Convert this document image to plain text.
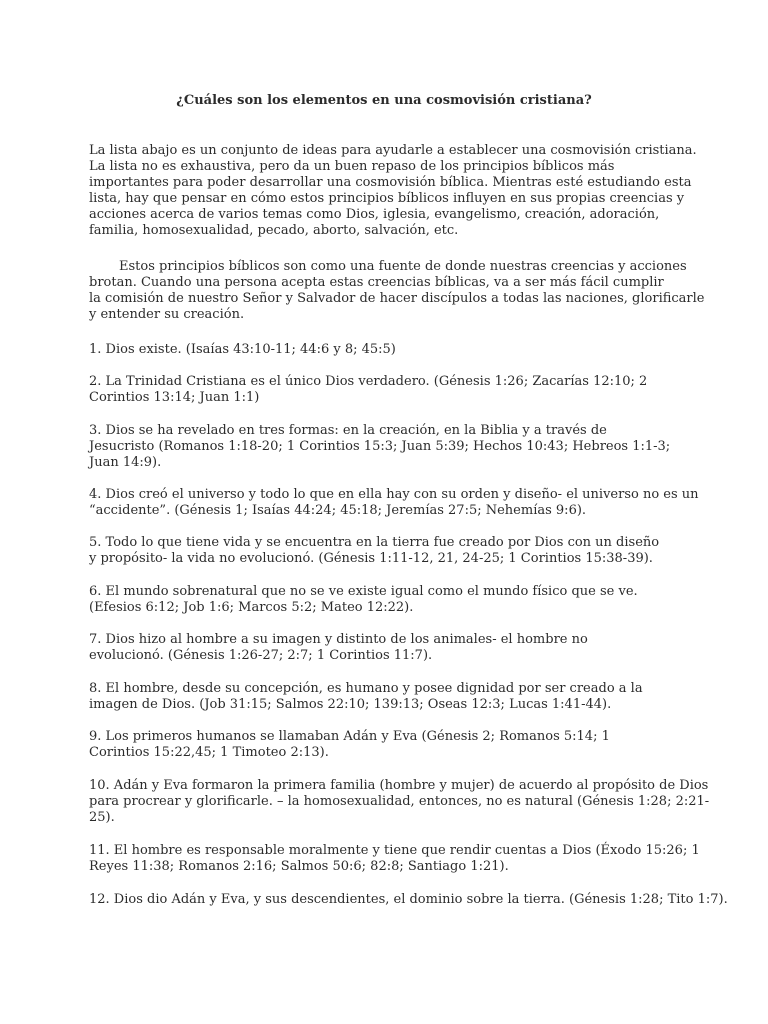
¿Cuáles son los elementos en una cosmovisión cristiana?

La lista abajo es un conjunto de ideas para ayudarle a establecer una cosmovisión cristiana.

La lista no es exhaustiva, pero da un buen repaso de los principios bíblicos más

importantes para poder desarrollar una cosmovisión bíblica. Mientras esté estudiando esta

lista, hay que pensar en cómo estos principios bíblicos influyen en sus propias creencias y

acciones acerca de varios temas como Dios, iglesia, evangelismo, creación, adoración,

familia, homosexualidad, pecado, aborto, salvación, etc.

Estos principios bíblicos son como una fuente de donde nuestras creencias y acciones

brotan. Cuando una persona acepta estas creencias bíblicas, va a ser más fácil cumplir

la comisión de nuestro Señor y Salvador de hacer discípulos a todas las naciones, glorificarle

y entender su creación.

1. Dios existe. (Isaías 43:10-11; 44:6 y 8; 45:5)

2. La Trinidad Cristiana es el único Dios verdadero. (Génesis 1:26; Zacarías 12:10; 2

Corintios 13:14; Juan 1:1)

3. Dios se ha revelado en tres formas: en la creación, en la Biblia y a través de

Jesucristo (Romanos 1:18-20; 1 Corintios 15:3; Juan 5:39; Hechos 10:43; Hebreos 1:1-3;

Juan 14:9).

4. Dios creó el universo y todo lo que en ella hay con su orden y diseño- el universo no es un

“accidente”. (Génesis 1; Isaías 44:24; 45:18; Jeremías 27:5; Nehemías 9:6).

5. Todo lo que tiene vida y se encuentra en la tierra fue creado por Dios con un diseño

y propósito- la vida no evolucionó. (Génesis 1:11-12, 21, 24-25; 1 Corintios 15:38-39).

6. El mundo sobrenatural que no se ve existe igual como el mundo físico que se ve.

(Efesios 6:12; Job 1:6; Marcos 5:2; Mateo 12:22).

7. Dios hizo al hombre a su imagen y distinto de los animales- el hombre no

evolucionó. (Génesis 1:26-27; 2:7; 1 Corintios 11:7).

8. El hombre, desde su concepción, es humano y posee dignidad por ser creado a la

imagen de Dios. (Job 31:15; Salmos 22:10; 139:13; Oseas 12:3; Lucas 1:41-44).

9. Los primeros humanos se llamaban Adán y Eva (Génesis 2; Romanos 5:14; 1

Corintios 15:22,45; 1 Timoteo 2:13).

10. Adán y Eva formaron la primera familia (hombre y mujer) de acuerdo al propósito de Dios

para procrear y glorificarle. – la homosexualidad, entonces, no es natural (Génesis 1:28; 2:21-

25).

11. El hombre es responsable moralmente y tiene que rendir cuentas a Dios (Éxodo 15:26; 1

Reyes 11:38; Romanos 2:16; Salmos 50:6; 82:8; Santiago 1:21).

12. Dios dio Adán y Eva, y sus descendientes, el dominio sobre la tierra. (Génesis 1:28; Tito 1:7).
